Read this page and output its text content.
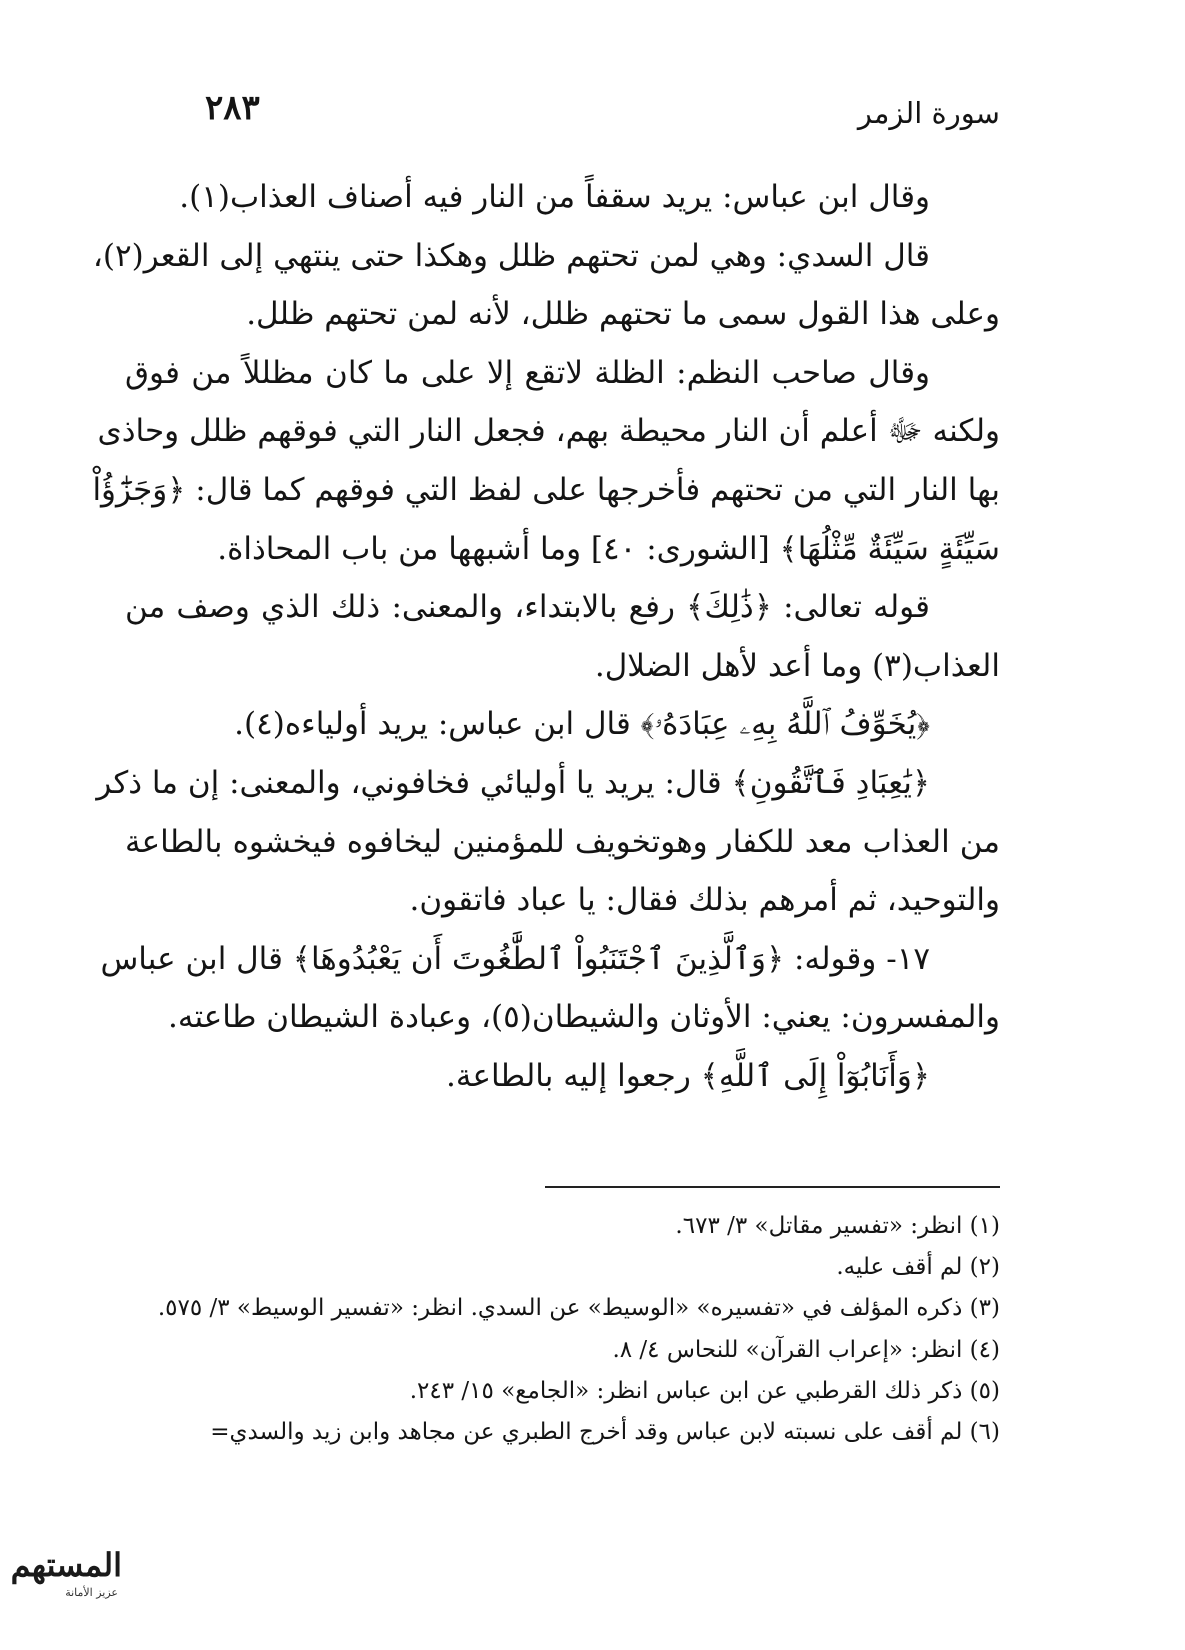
سورة الزمر
٢٨٣
وقال ابن عباس: يريد سقفاً من النار فيه أصناف العذاب(١).
قال السدي: وهي لمن تحتهم ظلل وهكذا حتى ينتهي إلى القعر(٢)،
وعلى هذا القول سمى ما تحتهم ظلل، لأنه لمن تحتهم ظلل.
وقال صاحب النظم: الظلة لاتقع إلا على ما كان مظللاً من فوق
ولكنه ﷻ أعلم أن النار محيطة بهم، فجعل النار التي فوقهم ظلل وحاذى
بها النار التي من تحتهم فأخرجها على لفظ التي فوقهم كما قال: ﴿وَجَزَٰٓؤُاْ
سَيِّئَةٍ سَيِّئَةٌ مِّثْلُهَا﴾ [الشورى: ٤٠] وما أشبهها من باب المحاذاة.
قوله تعالى: ﴿ذَٰلِكَ﴾ رفع بالابتداء، والمعنى: ذلك الذي وصف من
العذاب(٣) وما أعد لأهل الضلال.
﴿يُخَوِّفُ ٱللَّهُ بِهِۦ عِبَادَهُۥ﴾ قال ابن عباس: يريد أولياءه(٤).
﴿يَٰعِبَادِ فَٱتَّقُونِ﴾ قال: يريد يا أوليائي فخافوني، والمعنى: إن ما ذكر
من العذاب معد للكفار وهوتخويف للمؤمنين ليخافوه فيخشوه بالطاعة
والتوحيد، ثم أمرهم بذلك فقال: يا عباد فاتقون.
١٧- وقوله: ﴿وَٱلَّذِينَ ٱجْتَنَبُواْ ٱلطَّٰغُوتَ أَن يَعْبُدُوهَا﴾ قال ابن عباس
والمفسرون: يعني: الأوثان والشيطان(٥)، وعبادة الشيطان طاعته.
﴿وَأَنَابُوٓاْ إِلَى ٱللَّهِ﴾ رجعوا إليه بالطاعة.
(١) انظر: «تفسير مقاتل» ٣/ ٦٧٣.
(٢) لم أقف عليه.
(٣) ذكره المؤلف في «تفسيره» «الوسيط» عن السدي. انظر: «تفسير الوسيط» ٣/ ٥٧٥.
(٤) انظر: «إعراب القرآن» للنحاس ٤/ ٨.
(٥) ذكر ذلك القرطبي عن ابن عباس انظر: «الجامع» ١٥/ ٢٤٣.
(٦) لم أقف على نسبته لابن عباس وقد أخرج الطبري عن مجاهد وابن زيد والسدي=
المستهم
عزيز الأمانة
